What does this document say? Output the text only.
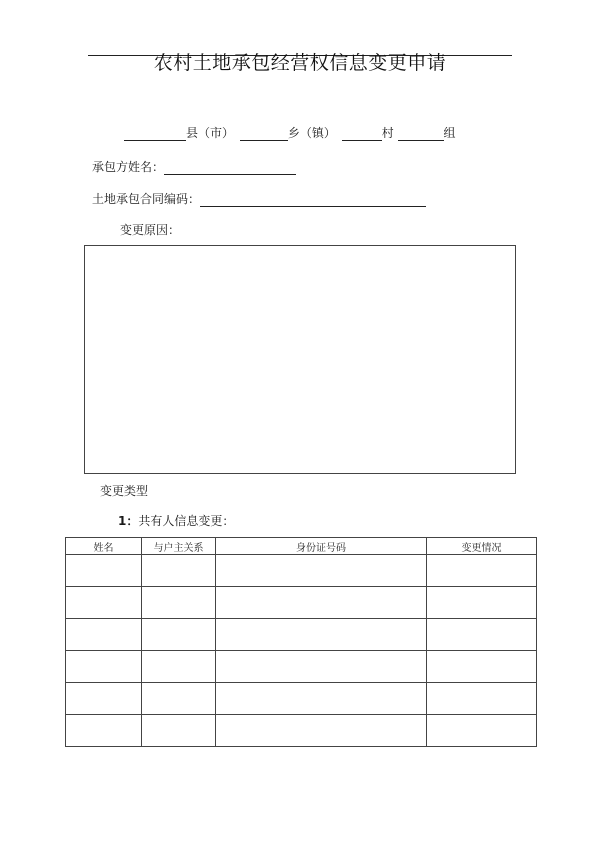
农村土地承包经营权信息变更申请
县（市）	乡（镇）	村	组
承包方姓名：
土地承包合同编码：
变更原因：
变更类型
1：共有人信息变更：
姓名	与户主关系	身份证号码	变更情况
